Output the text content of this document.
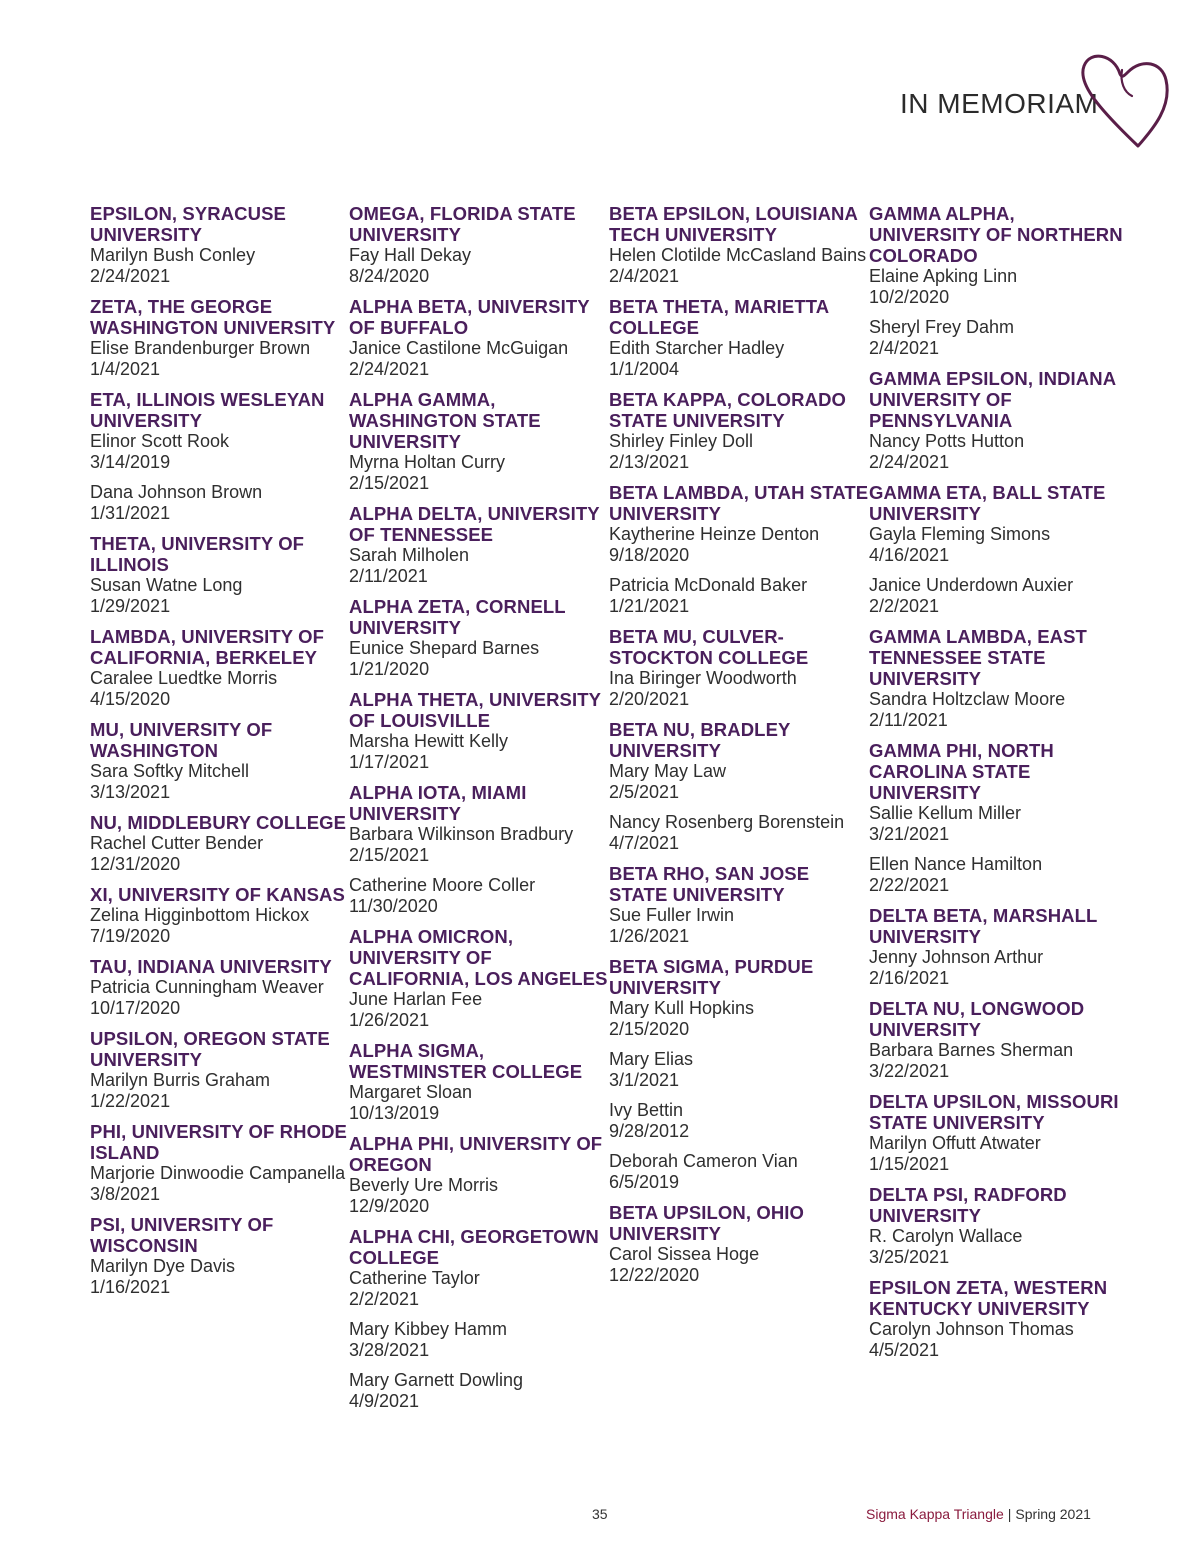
IN MEMORIAM
EPSILON, SYRACUSE UNIVERSITY
Marilyn Bush Conley
2/24/2021
ZETA, THE GEORGE WASHINGTON UNIVERSITY
Elise Brandenburger Brown
1/4/2021
ETA, ILLINOIS WESLEYAN UNIVERSITY
Elinor Scott Rook
3/14/2019
Dana Johnson Brown
1/31/2021
THETA, UNIVERSITY OF ILLINOIS
Susan Watne Long
1/29/2021
LAMBDA, UNIVERSITY OF CALIFORNIA, BERKELEY
Caralee Luedtke Morris
4/15/2020
MU, UNIVERSITY OF WASHINGTON
Sara Softky Mitchell
3/13/2021
NU, MIDDLEBURY COLLEGE
Rachel Cutter Bender
12/31/2020
XI, UNIVERSITY OF KANSAS
Zelina Higginbottom Hickox
7/19/2020
TAU, INDIANA UNIVERSITY
Patricia Cunningham Weaver
10/17/2020
UPSILON, OREGON STATE UNIVERSITY
Marilyn Burris Graham
1/22/2021
PHI, UNIVERSITY OF RHODE ISLAND
Marjorie Dinwoodie Campanella
3/8/2021
PSI, UNIVERSITY OF WISCONSIN
Marilyn Dye Davis
1/16/2021
OMEGA, FLORIDA STATE UNIVERSITY
Fay Hall Dekay
8/24/2020
ALPHA BETA, UNIVERSITY OF BUFFALO
Janice Castilone McGuigan
2/24/2021
ALPHA GAMMA, WASHINGTON STATE UNIVERSITY
Myrna Holtan Curry
2/15/2021
ALPHA DELTA, UNIVERSITY OF TENNESSEE
Sarah Milholen
2/11/2021
ALPHA ZETA, CORNELL UNIVERSITY
Eunice Shepard Barnes
1/21/2020
ALPHA THETA, UNIVERSITY OF LOUISVILLE
Marsha Hewitt Kelly
1/17/2021
ALPHA IOTA, MIAMI UNIVERSITY
Barbara Wilkinson Bradbury
2/15/2021
Catherine Moore Coller
11/30/2020
ALPHA OMICRON, UNIVERSITY OF CALIFORNIA, LOS ANGELES
June Harlan Fee
1/26/2021
ALPHA SIGMA, WESTMINSTER COLLEGE
Margaret Sloan
10/13/2019
ALPHA PHI, UNIVERSITY OF OREGON
Beverly Ure Morris
12/9/2020
ALPHA CHI, GEORGETOWN COLLEGE
Catherine Taylor
2/2/2021
Mary Kibbey Hamm
3/28/2021
Mary Garnett Dowling
4/9/2021
BETA EPSILON, LOUISIANA TECH UNIVERSITY
Helen Clotilde McCasland Bains
2/4/2021
BETA THETA, MARIETTA COLLEGE
Edith Starcher Hadley
1/1/2004
BETA KAPPA, COLORADO STATE UNIVERSITY
Shirley Finley Doll
2/13/2021
BETA LAMBDA, UTAH STATE UNIVERSITY
Kaytherine Heinze Denton
9/18/2020
Patricia McDonald Baker
1/21/2021
BETA MU, CULVER-STOCKTON COLLEGE
Ina Biringer Woodworth
2/20/2021
BETA NU, BRADLEY UNIVERSITY
Mary May Law
2/5/2021
Nancy Rosenberg Borenstein
4/7/2021
BETA RHO, SAN JOSE STATE UNIVERSITY
Sue Fuller Irwin
1/26/2021
BETA SIGMA, PURDUE UNIVERSITY
Mary Kull Hopkins
2/15/2020
Mary Elias
3/1/2021
Ivy Bettin
9/28/2012
Deborah Cameron Vian
6/5/2019
BETA UPSILON, OHIO UNIVERSITY
Carol Sissea Hoge
12/22/2020
GAMMA ALPHA, UNIVERSITY OF NORTHERN COLORADO
Elaine Apking Linn
10/2/2020
Sheryl Frey Dahm
2/4/2021
GAMMA EPSILON, INDIANA UNIVERSITY OF PENNSYLVANIA
Nancy Potts Hutton
2/24/2021
GAMMA ETA, BALL STATE UNIVERSITY
Gayla Fleming Simons
4/16/2021
Janice Underdown Auxier
2/2/2021
GAMMA LAMBDA, EAST TENNESSEE STATE UNIVERSITY
Sandra Holtzclaw Moore
2/11/2021
GAMMA PHI, NORTH CAROLINA STATE UNIVERSITY
Sallie Kellum Miller
3/21/2021
Ellen Nance Hamilton
2/22/2021
DELTA BETA, MARSHALL UNIVERSITY
Jenny Johnson Arthur
2/16/2021
DELTA NU, LONGWOOD UNIVERSITY
Barbara Barnes Sherman
3/22/2021
DELTA UPSILON, MISSOURI STATE UNIVERSITY
Marilyn Offutt Atwater
1/15/2021
DELTA PSI, RADFORD UNIVERSITY
R. Carolyn Wallace
3/25/2021
EPSILON ZETA, WESTERN KENTUCKY UNIVERSITY
Carolyn Johnson Thomas
4/5/2021
35	Sigma Kappa Triangle | Spring 2021
